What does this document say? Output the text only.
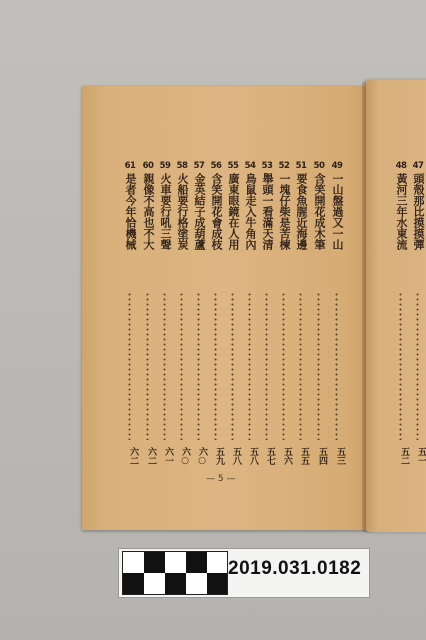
49
一山盤過又一山
五三
50
含笑開花成木筆
五四
51
要食魚腥近海邊
五五
52
一塊仔柴是苦楝
五六
53
舉頭一看滿天清
五七
54
鳥鼠走入牛角內
五八
55
廣東眼鏡在人用
五八
56
含笑開花會成枝
五九
57
金英結子成葫蘆
六○
58
火船要行格塗炭
六○
59
火車要行吼三聲
六一
60
親像不高也不大
六二
61
是者今年恰機械
六二
47
頭殼那比摸摸彈
五一
48
黃河三年水東流
五二
— 5 —
2019.031.0182
